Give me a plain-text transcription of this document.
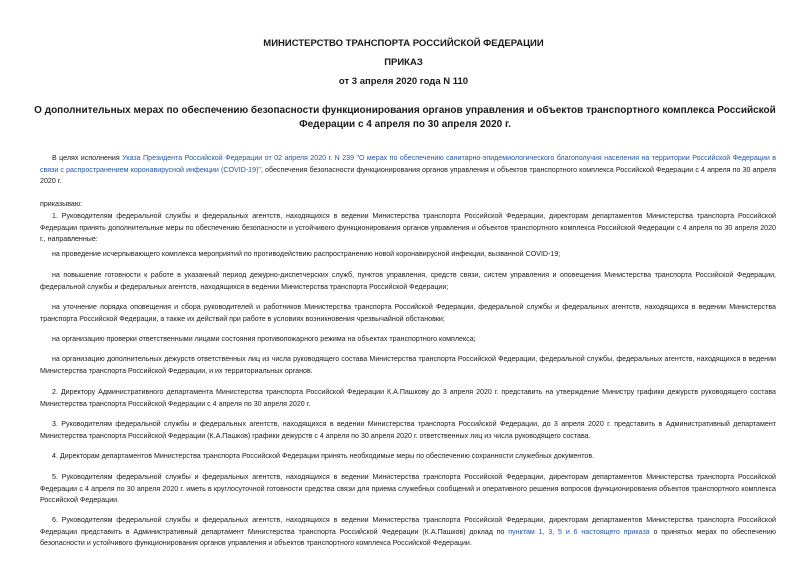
МИНИСТЕРСТВО ТРАНСПОРТА РОССИЙСКОЙ ФЕДЕРАЦИИ
ПРИКАЗ
от 3 апреля 2020 года N 110
О дополнительных мерах по обеспечению безопасности функционирования органов управления и объектов транспортного комплекса Российской Федерации с 4 апреля по 30 апреля 2020 г.
В целях исполнения Указа Президента Российской Федерации от 02 апреля 2020 г. N 239 "О мерах по обеспечению санитарно-эпидемиологического благополучия населения на территории Российской Федерации в связи с распространением коронавирусной инфекции (COVID-19)", обеспечения безопасности функционирования органов управления и объектов транспортного комплекса Российской Федерации с 4 апреля по 30 апреля 2020 г.
приказываю:
1. Руководителям федеральной службы и федеральных агентств, находящихся в ведении Министерства транспорта Российской Федерации, директорам департаментов Министерства транспорта Российской Федерации принять дополнительные меры по обеспечению безопасности и устойчивого функционирования органов управления и объектов транспортного комплекса Российской Федерации с 4 апреля по 30 апреля 2020 г., направленные:
на проведение исчерпывающего комплекса мероприятий по противодействию распространению новой коронавирусной инфекции, вызванной COVID-19;
на повышение готовности к работе в указанный период дежурно-диспетчерских служб, пунктов управления, средств связи, систем управления и оповещения Министерства транспорта Российской Федерации, федеральной службы и федеральных агентств, находящихся в ведении Министерства транспорта Российской Федерации;
на уточнение порядка оповещения и сбора руководителей и работников Министерства транспорта Российской Федерации, федеральной службы и федеральных агентств, находящихся в ведении Министерства транспорта Российской Федерации, а также их действий при работе в условиях возникновения чрезвычайной обстановки;
на организацию проверки ответственными лицами состояния противопожарного режима на объектах транспортного комплекса;
на организацию дополнительных дежурств ответственных лиц из числа руководящего состава Министерства транспорта Российской Федерации, федеральной службы, федеральных агентств, находящихся в ведении Министерства транспорта Российской Федерации, и их территориальных органов.
2. Директору Административного департамента Министерства транспорта Российской Федерации К.А.Пашкову до 3 апреля 2020 г. представить на утверждение Министру графики дежурств руководящего состава Министерства транспорта Российской Федерации с 4 апреля по 30 апреля 2020 г.
3. Руководителям федеральной службы и федеральных агентств, находящихся в ведении Министерства транспорта Российской Федерации, до 3 апреля 2020 г. представить в Административный департамент Министерства транспорта Российской Федерации (К.А.Пашков) графики дежурств с 4 апреля по 30 апреля 2020 г. ответственных лиц из числа руководящего состава.
4. Директорам департаментов Министерства транспорта Российской Федерации принять необходимые меры по обеспечению сохранности служебных документов.
5. Руководителям федеральной службы и федеральных агентств, находящихся в ведении Министерства транспорта Российской Федерации, директорам департаментов Министерства транспорта Российской Федерации с 4 апреля по 30 апреля 2020 г. иметь в круглосуточной готовности средства связи для приема служебных сообщений и оперативного решения вопросов функционирования объектов транспортного комплекса Российской Федерации.
6. Руководителям федеральной службы и федеральных агентств, находящихся в ведении Министерства транспорта Российской Федерации, директорам департаментов Министерства транспорта Российской Федерации представить в Административный департамент Министерства транспорта Российской Федерации (К.А.Пашков) доклад по пунктам 1, 3, 5 и 6 настоящего приказа о принятых мерах по обеспечению безопасности и устойчивого функционирования органов управления и объектов транспортного комплекса Российской Федерации.
